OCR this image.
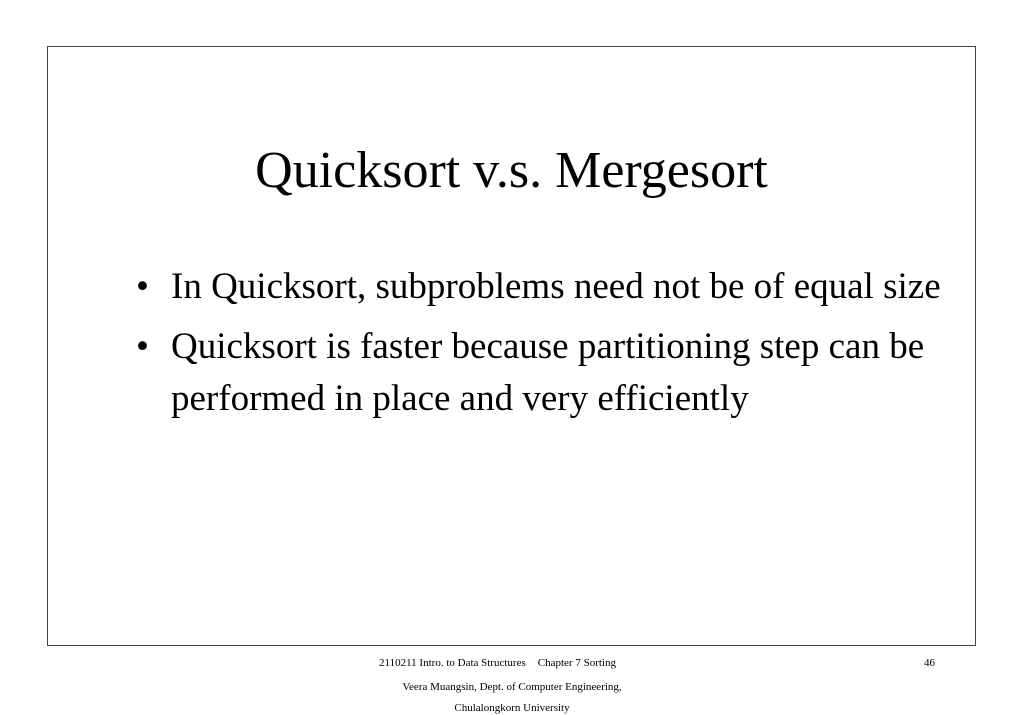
Quicksort v.s. Mergesort
• In Quicksort, subproblems need not be of equal size
• Quicksort is faster because partitioning step can be performed in place and very efficiently
2110211 Intro. to Data Structures Chapter 7 Sorting	46
Veera Muangsin, Dept. of Computer Engineering,
Chulalongkorn University
